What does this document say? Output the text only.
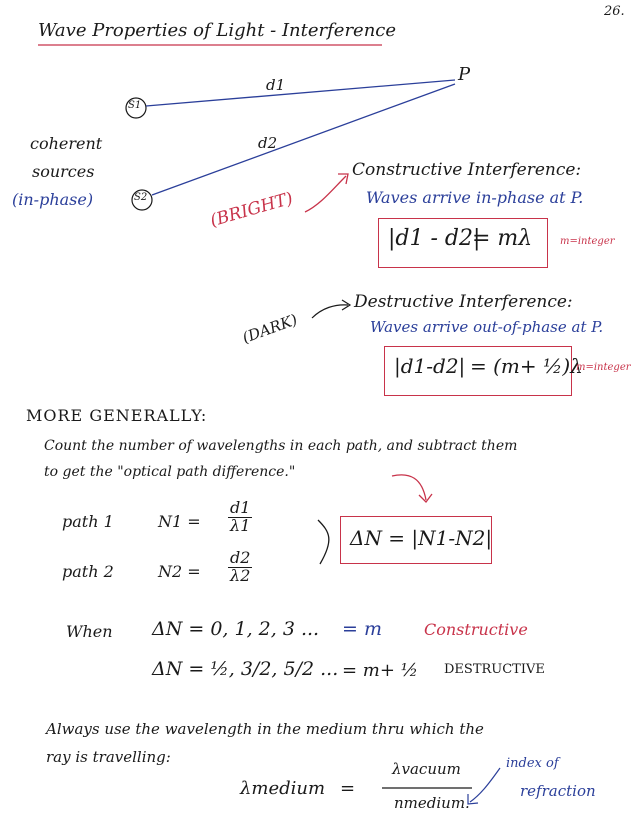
26.
Wave Properties of Light - Interference
S1
S2
P
d1
d2
coherent
sources
(in-phase)	(BRIGHT)
Constructive Interference:
Waves arrive in-phase at P.
|d1 - d2|
= mλ	m=integer
(DARK)
Destructive Interference:
Waves arrive out-of-phase at P.
|d1-d2| = (m+ ½)λ
m=integer
MORE GENERALLY:
Count the number of wavelengths in each path, and subtract them
to get the "optical path difference."
path 1	$N1 = \frac{d1}{\lambda 1}$
path 2	$N2 = \frac{d2}{\lambda 2}$
ΔN = |N1-N2|
When ΔN = 0, 1, 2, 3 ... = m	Constructive
ΔN = ½, 3/2, 5/2 ... = m+ ½ DESTRUCTIVE
Always use the wavelength in the medium thru which the
ray is travelling:
λmedium =
λvacuum
nmedium.
index of
refraction
